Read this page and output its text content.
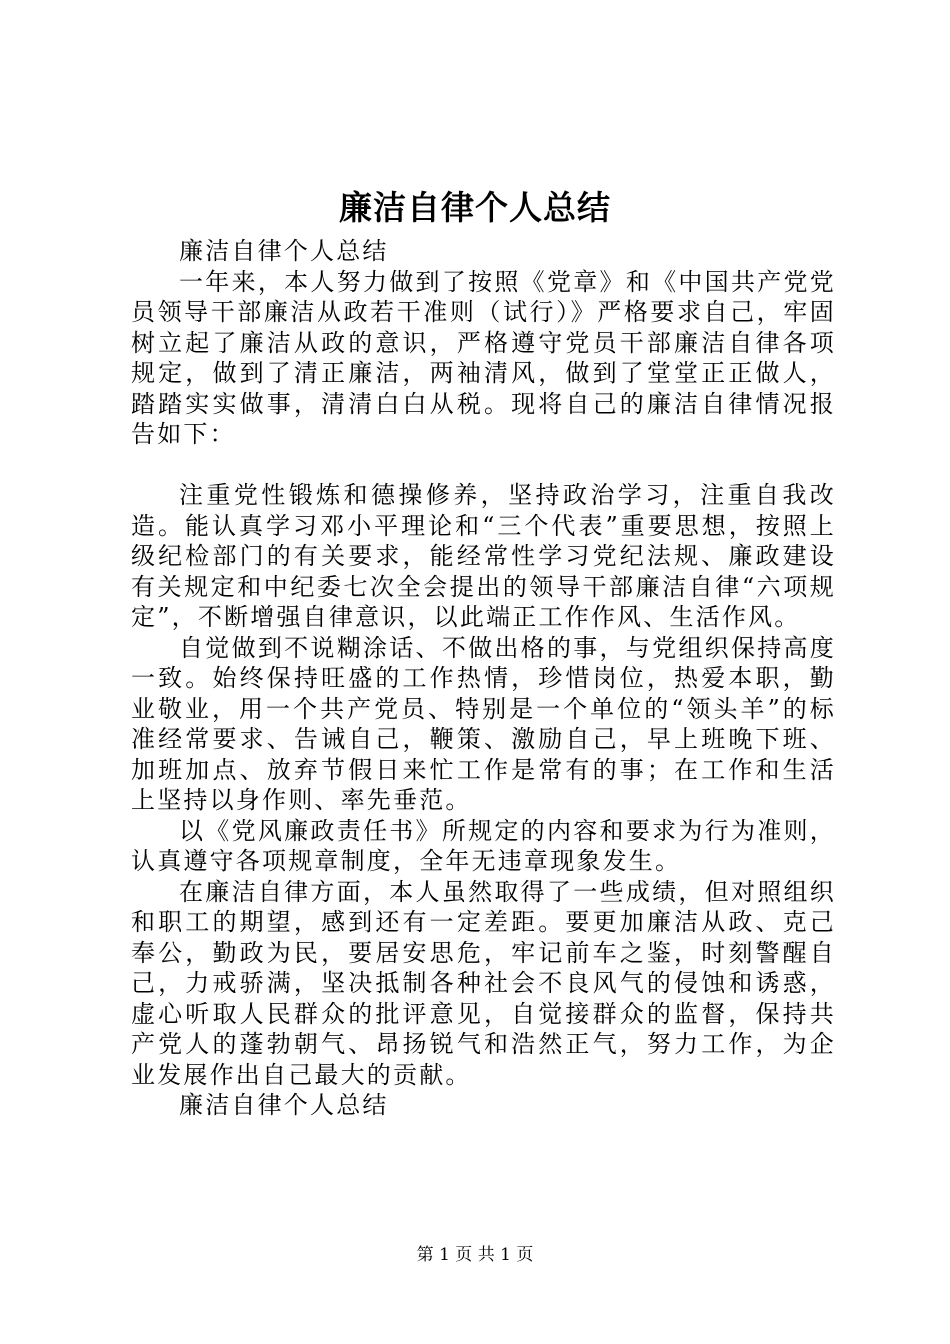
廉洁自律个人总结

廉洁自律个人总结

一年来，本人努力做到了按照《党章》和《中国共产党党员领导干部廉洁从政若干准则（试行）》严格要求自己，牢固树立起了廉洁从政的意识，严格遵守党员干部廉洁自律各项规定，做到了清正廉洁，两袖清风，做到了堂堂正正做人，踏踏实实做事，清清白白从税。现将自己的廉洁自律情况报告如下：

注重党性锻炼和德操修养，坚持政治学习，注重自我改造。能认真学习邓小平理论和“三个代表”重要思想，按照上级纪检部门的有关要求，能经常性学习党纪法规、廉政建设有关规定和中纪委七次全会提出的领导干部廉洁自律“六项规定”，不断增强自律意识，以此端正工作作风、生活作风。

自觉做到不说糊涂话、不做出格的事，与党组织保持高度一致。始终保持旺盛的工作热情，珍惜岗位，热爱本职，勤业敬业，用一个共产党员、特别是一个单位的“领头羊”的标准经常要求、告诫自己，鞭策、激励自己，早上班晚下班、加班加点、放弃节假日来忙工作是常有的事；在工作和生活上坚持以身作则、率先垂范。

以《党风廉政责任书》所规定的内容和要求为行为准则，认真遵守各项规章制度，全年无违章现象发生。

在廉洁自律方面，本人虽然取得了一些成绩，但对照组织和职工的期望，感到还有一定差距。要更加廉洁从政、克己奉公，勤政为民，要居安思危，牢记前车之鉴，时刻警醒自己，力戒骄满，坚决抵制各种社会不良风气的侵蚀和诱惑，虚心听取人民群众的批评意见，自觉接群众的监督，保持共产党人的蓬勃朝气、昂扬锐气和浩然正气，努力工作，为企业发展作出自己最大的贡献。

廉洁自律个人总结

第 1 页 共 1 页
